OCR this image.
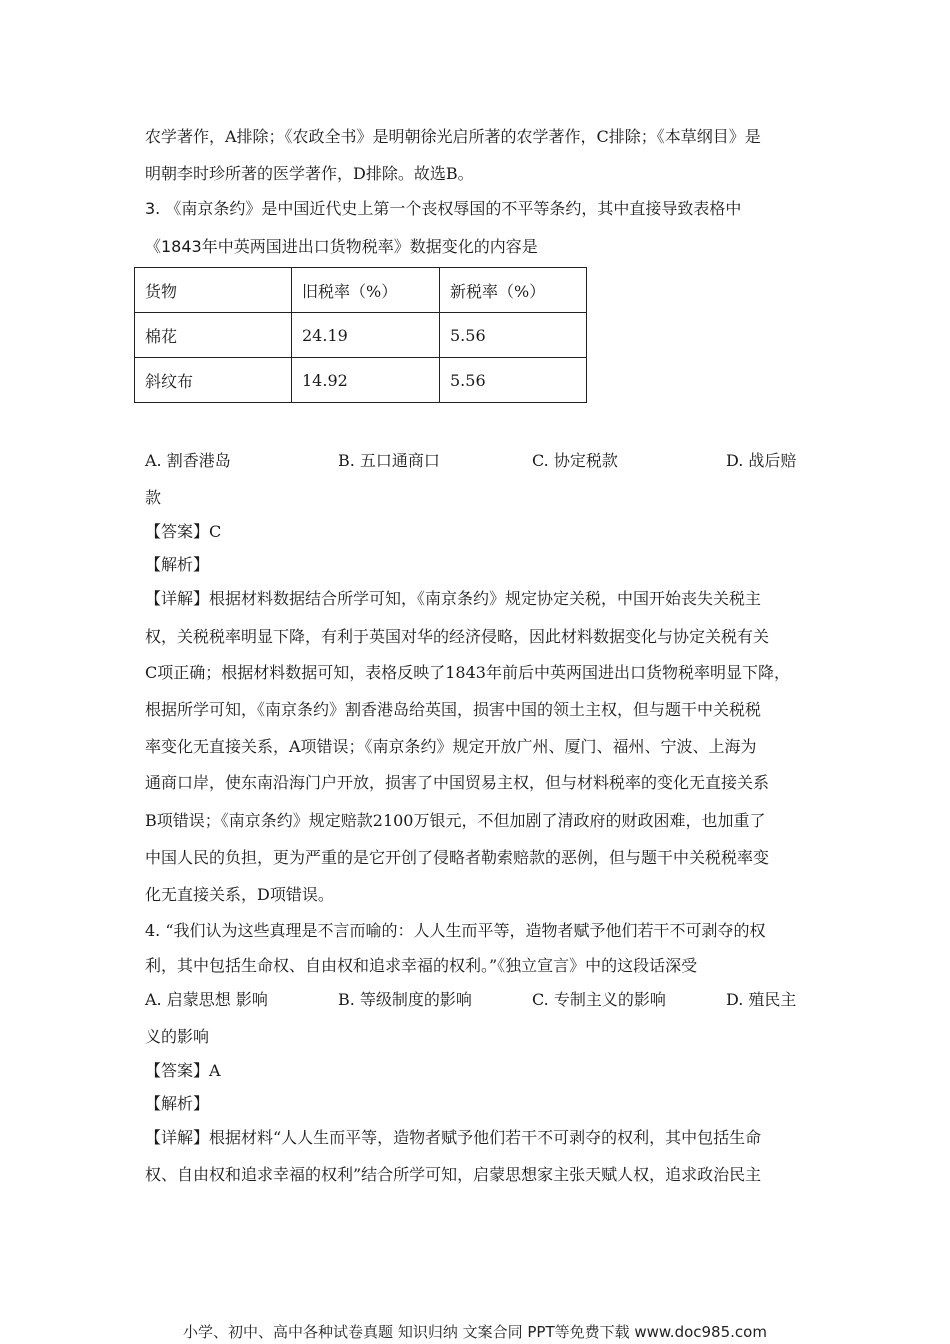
农学著作，A排除；《农政全书》是明朝徐光启所著的农学著作，C排除；《本草纲目》是
明朝李时珍所著的医学著作，D排除。故选B。
3. 《南京条约》是中国近代史上第一个丧权辱国的不平等条约，其中直接导致表格中
《1843年中英两国进出口货物税率》数据变化的内容是
货物	旧税率（%）	新税率（%）
棉花	24.19	5.56
斜纹布	14.92	5.56
A. 割香港岛	B. 五口通商口	C. 协定税款	D. 战后赔
款
【答案】C
【解析】
【详解】根据材料数据结合所学可知，《南京条约》规定协定关税，中国开始丧失关税主
权，关税税率明显下降，有利于英国对华的经济侵略，因此材料数据变化与协定关税有关
C项正确；根据材料数据可知，表格反映了1843年前后中英两国进出口货物税率明显下降，
根据所学可知，《南京条约》割香港岛给英国，损害中国的领土主权，但与题干中关税税
率变化无直接关系，A项错误；《南京条约》规定开放广州、厦门、福州、宁波、上海为
通商口岸，使东南沿海门户开放，损害了中国贸易主权，但与材料税率的变化无直接关系
B项错误；《南京条约》规定赔款2100万银元，不但加剧了清政府的财政困难，也加重了
中国人民的负担，更为严重的是它开创了侵略者勒索赔款的恶例，但与题干中关税税率变
化无直接关系，D项错误。
4. “我们认为这些真理是不言而喻的：人人生而平等，造物者赋予他们若干不可剥夺的权
利，其中包括生命权、自由权和追求幸福的权利。”《独立宣言》中的这段话深受
A. 启蒙思想 影响	B. 等级制度的影响	C. 专制主义的影响	D. 殖民主
义的影响
【答案】A
【解析】
【详解】根据材料“人人生而平等，造物者赋予他们若干不可剥夺的权利，其中包括生命
权、自由权和追求幸福的权利”结合所学可知，启蒙思想家主张天赋人权，追求政治民主
小学、初中、高中各种试卷真题 知识归纳 文案合同 PPT等免费下载 www.doc985.com
